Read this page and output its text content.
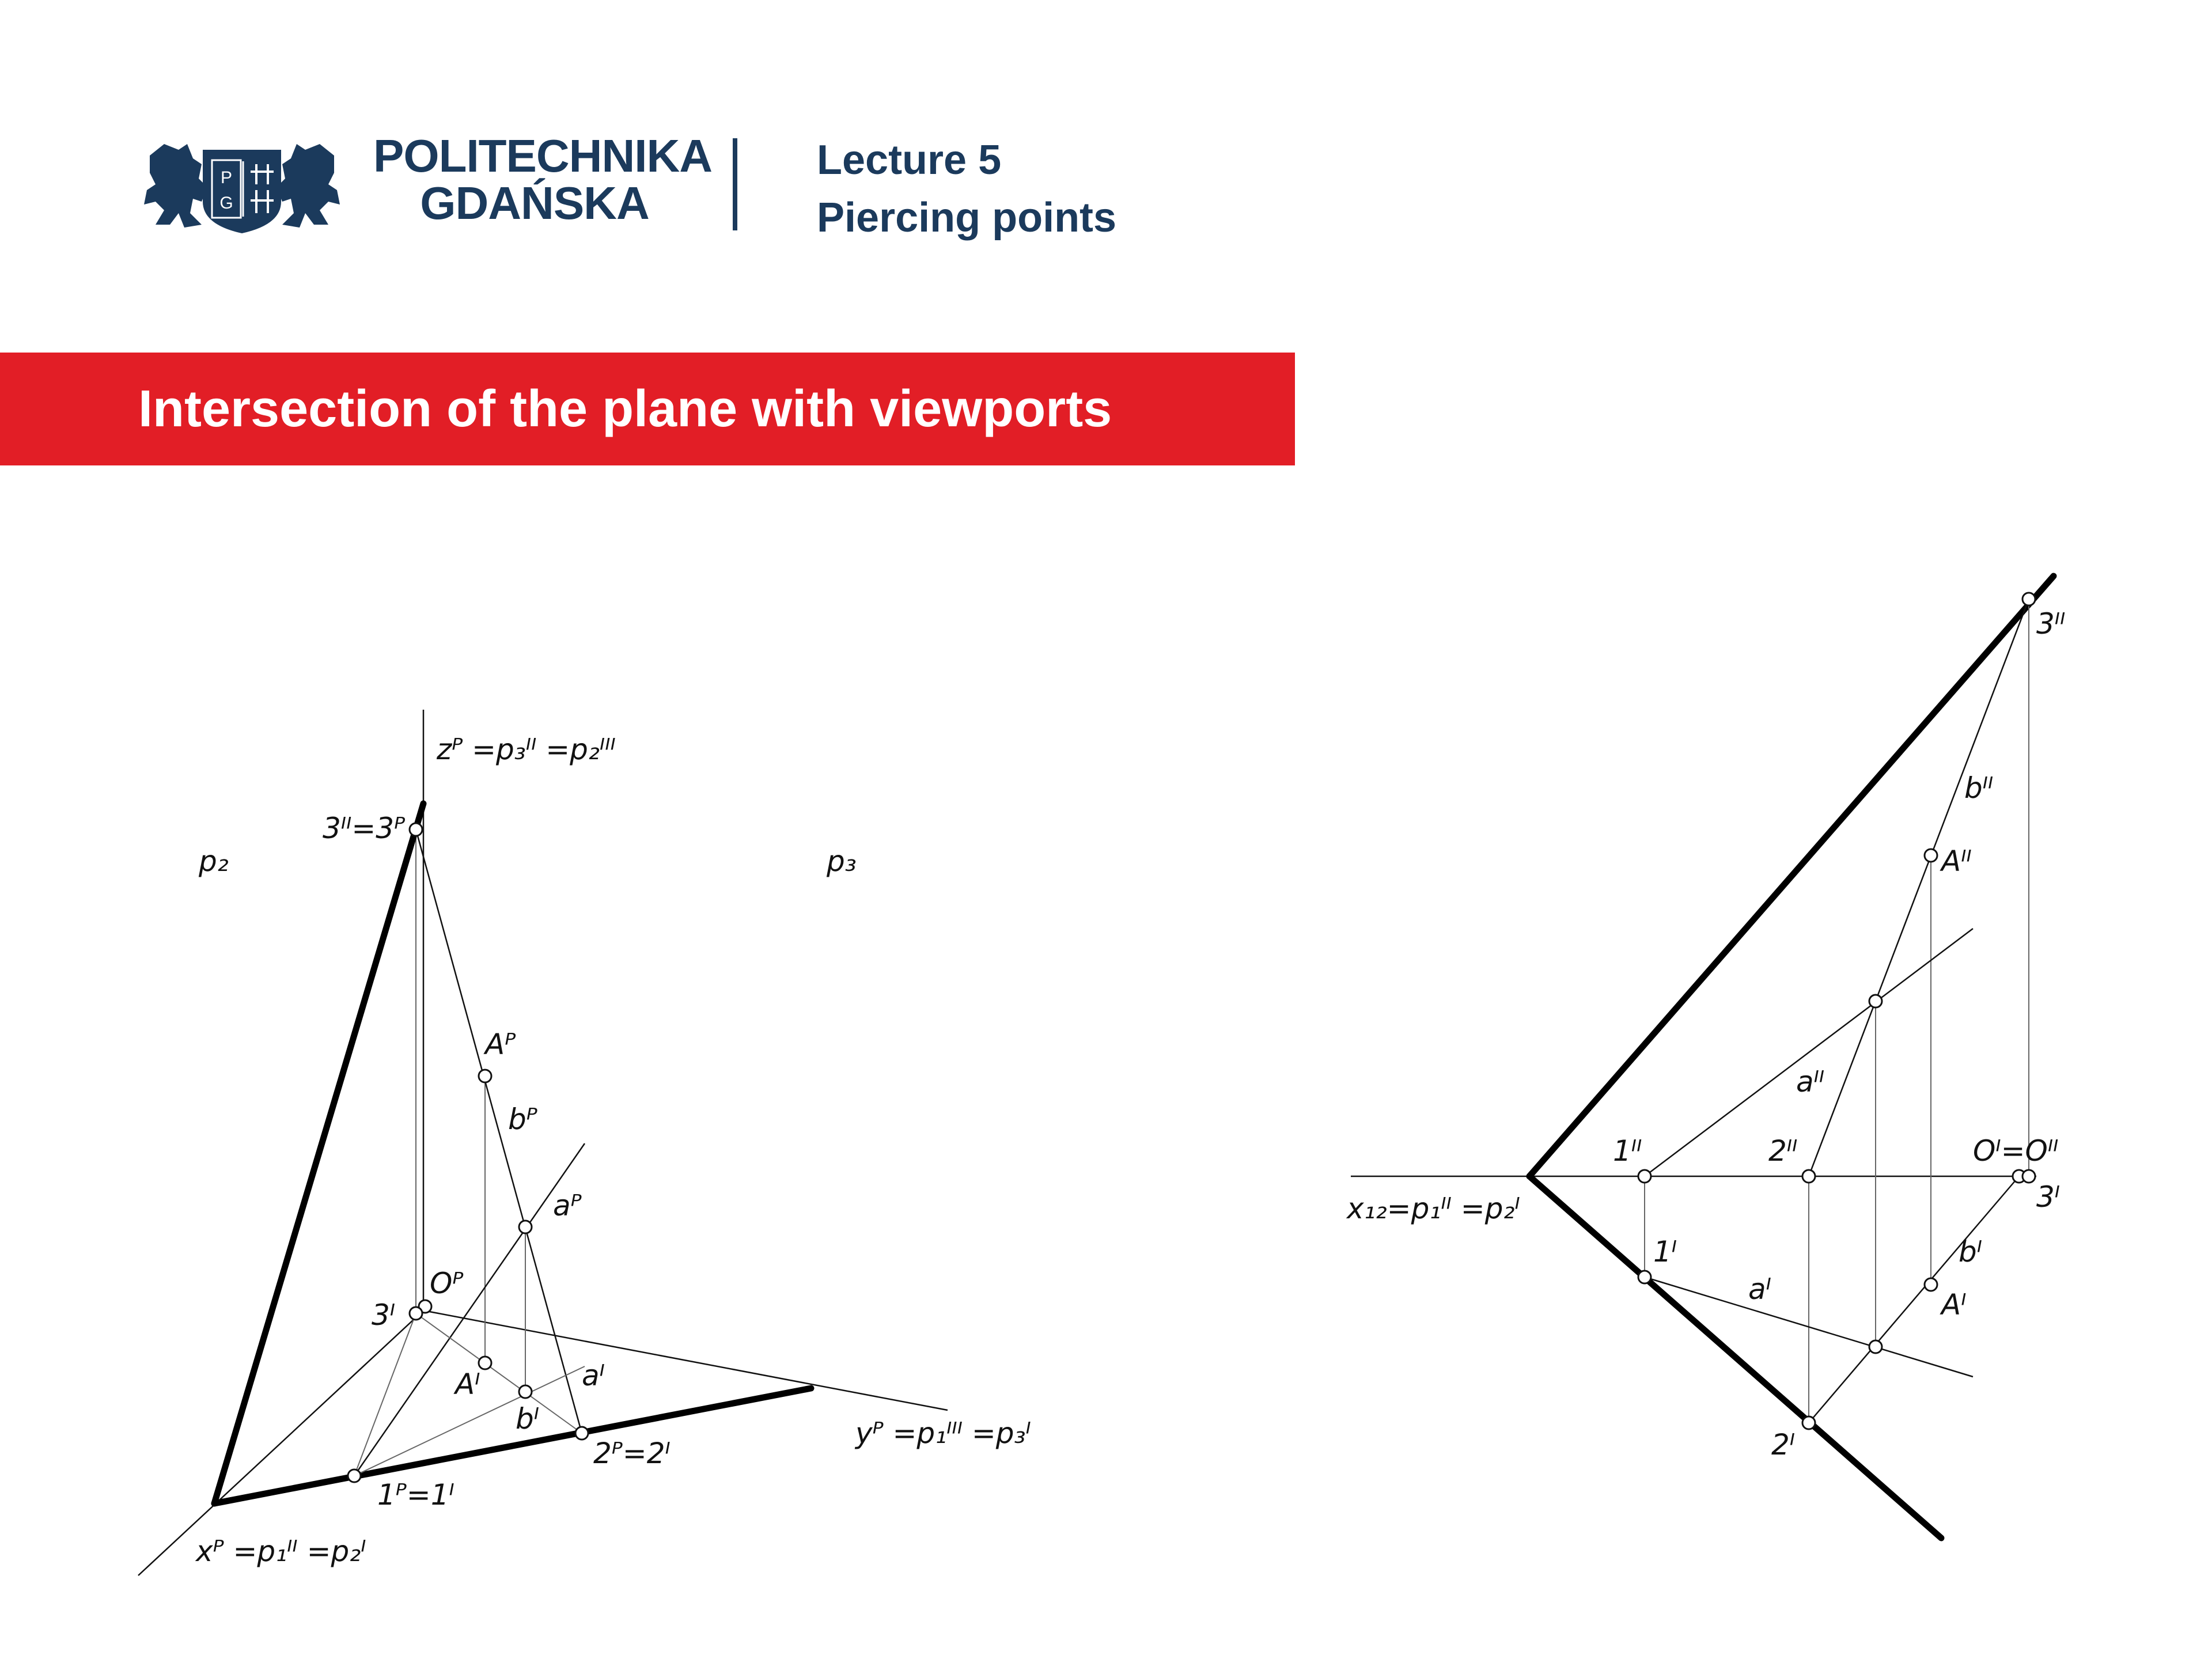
P
G
POLITECHNIKA
GDAŃSKA
Lecture 5
Piercing points
Intersection of the plane with viewports
p₂	p₃
zᴾ =p₃ᴵᴵ =p₂ᴵᴵᴵ
yᴾ =p₁ᴵᴵᴵ =p₃ᴵ
xᴾ =p₁ᴵᴵ =p₂ᴵ
3ᴵᴵ=3ᴾ
Aᴾ
bᴾ
aᴾ
Oᴾ
3ᴵ
Aᴵ	aᴵ
bᴵ
2ᴾ=2ᴵ
1ᴾ=1ᴵ
3ᴵᴵ
bᴵᴵ
Aᴵᴵ
aᴵᴵ
1ᴵᴵ	2ᴵᴵ	Oᴵ=Oᴵᴵ
x₁₂=p₁ᴵᴵ =p₂ᴵ	3ᴵ
1ᴵ
aᴵ
bᴵ
Aᴵ
2ᴵ
